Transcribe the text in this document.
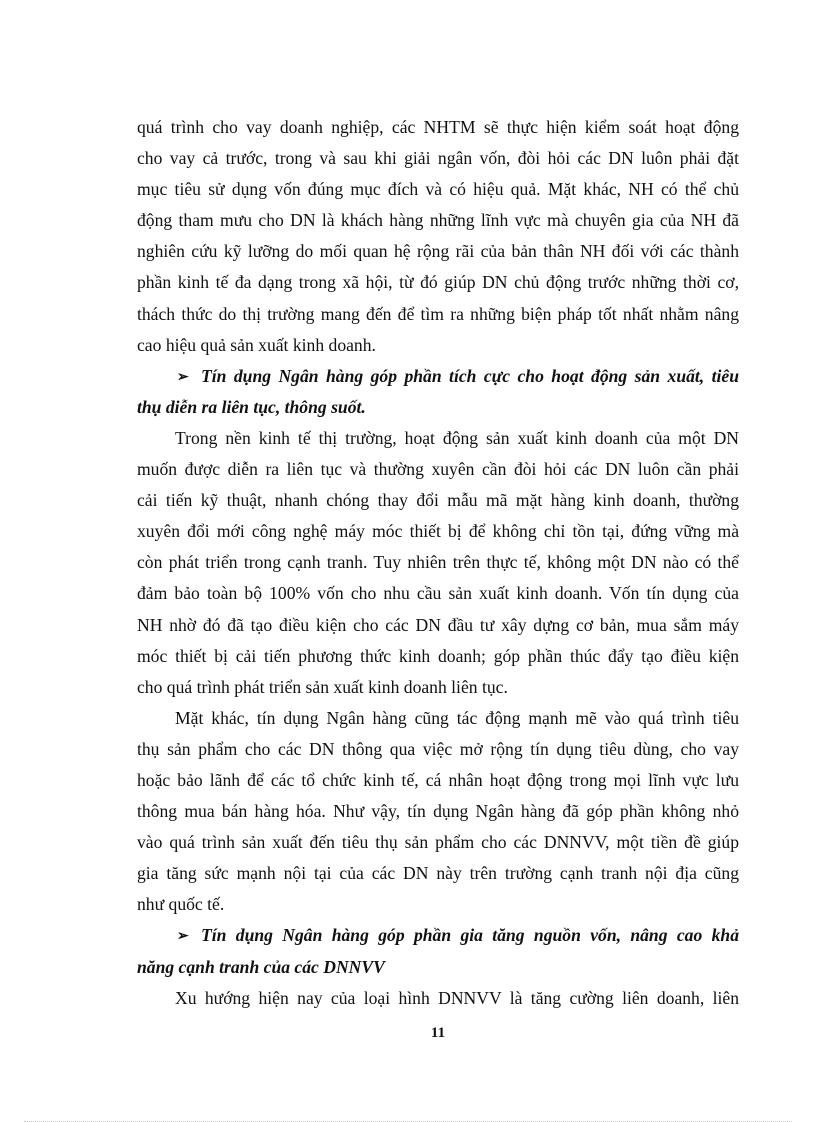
quá trình cho vay doanh nghiệp, các NHTM sẽ thực hiện kiểm soát hoạt động
cho vay cả trước, trong và sau khi giải ngân vốn, đòi hỏi các DN luôn phải đặt
mục tiêu sử dụng vốn đúng mục đích và có hiệu quả. Mặt khác, NH có thể chủ
động tham mưu cho DN là khách hàng những lĩnh vực mà chuyên gia của NH đã
nghiên cứu kỹ lưỡng do mối quan hệ rộng rãi của bản thân NH đối với các thành
phần kinh tế đa dạng trong xã hội, từ đó giúp DN chủ động trước những thời cơ,
thách thức do thị trường mang đến để tìm ra những biện pháp tốt nhất nhằm nâng
cao hiệu quả sản xuất kinh doanh.
➢ Tín dụng Ngân hàng góp phần tích cực cho hoạt động sản xuất, tiêu
thụ diễn ra liên tục, thông suốt.
Trong nền kinh tế thị trường, hoạt động sản xuất kinh doanh của một DN
muốn được diễn ra liên tục và thường xuyên cần đòi hỏi các DN luôn cần phải
cải tiến kỹ thuật, nhanh chóng thay đổi mẫu mã mặt hàng kinh doanh, thường
xuyên đổi mới công nghệ máy móc thiết bị để không chỉ tồn tại, đứng vững mà
còn phát triển trong cạnh tranh. Tuy nhiên trên thực tế, không một DN nào có thể
đảm bảo toàn bộ 100% vốn cho nhu cầu sản xuất kinh doanh. Vốn tín dụng của
NH nhờ đó đã tạo điều kiện cho các DN đầu tư xây dựng cơ bản, mua sắm máy
móc thiết bị cải tiến phương thức kinh doanh; góp phần thúc đẩy tạo điều kiện
cho quá trình phát triển sản xuất kinh doanh liên tục.
Mặt khác, tín dụng Ngân hàng cũng tác động mạnh mẽ vào quá trình tiêu
thụ sản phẩm cho các DN thông qua việc mở rộng tín dụng tiêu dùng, cho vay
hoặc bảo lãnh để các tổ chức kinh tế, cá nhân hoạt động trong mọi lĩnh vực lưu
thông mua bán hàng hóa. Như vậy, tín dụng Ngân hàng đã góp phần không nhỏ
vào quá trình sản xuất đến tiêu thụ sản phẩm cho các DNNVV, một tiền đề giúp
gia tăng sức mạnh nội tại của các DN này trên trường cạnh tranh nội địa cũng
như quốc tế.
➢ Tín dụng Ngân hàng góp phần gia tăng nguồn vốn, nâng cao khả
năng cạnh tranh của các DNNVV
Xu hướng hiện nay của loại hình DNNVV là tăng cường liên doanh, liên
11
